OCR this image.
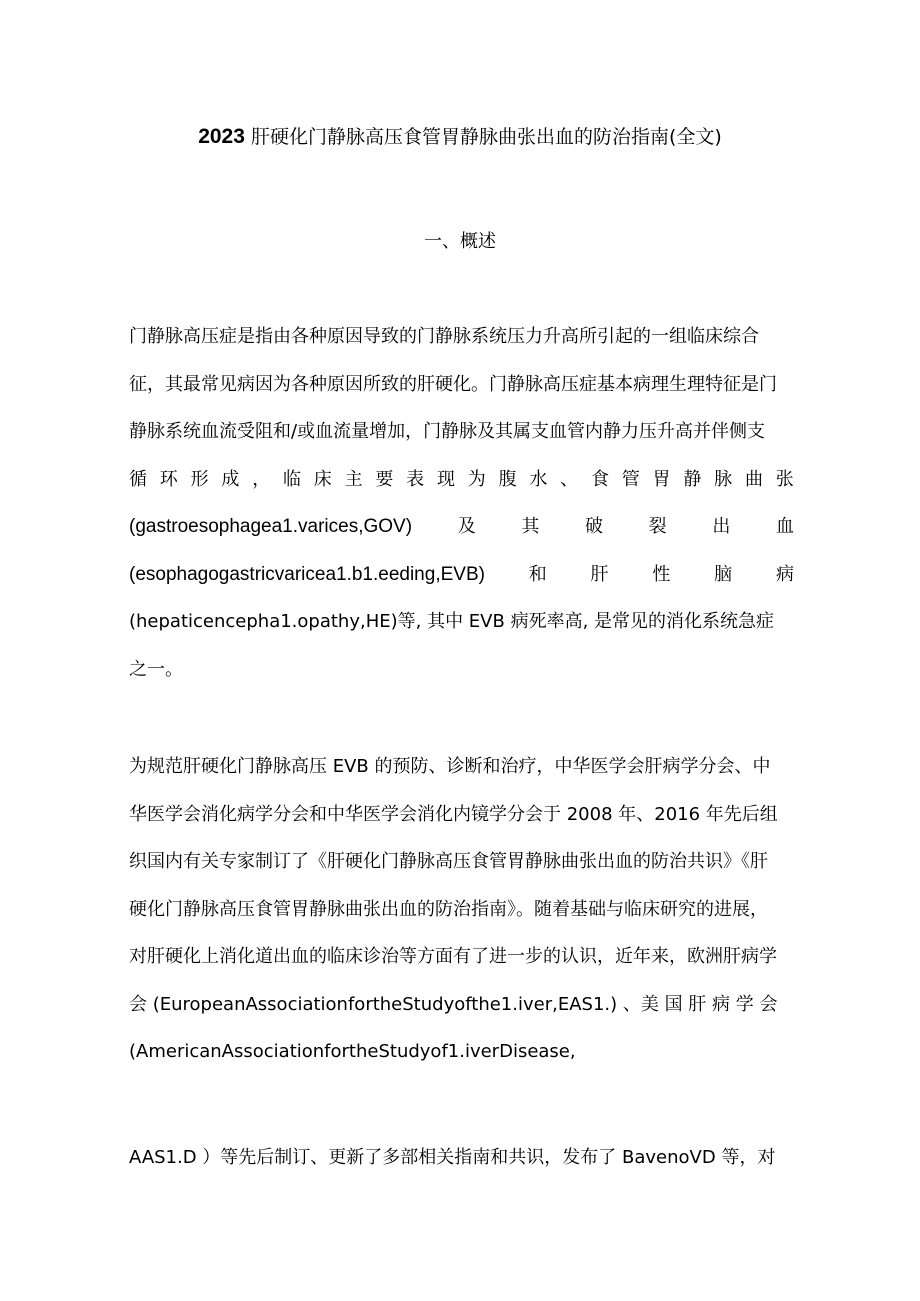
2023 肝硬化门静脉高压食管胃静脉曲张出血的防治指南(全文)
一、概述
门静脉高压症是指由各种原因导致的门静脉系统压力升高所引起的一组临床综合
征，其最常见病因为各种原因所致的肝硬化。门静脉高压症基本病理生理特征是门
静脉系统血流受阻和/或血流量增加，门静脉及其属支血管内静力压升高并伴侧支
循 环 形 成 ， 临 床 主 要 表 现 为 腹 水 、 食 管 胃 静 脉 曲 张
(gastroesophagea1.varices,GOV)	及	其	破	裂	出	血
(esophagogastricvaricea1.b1.eeding,EVB) 和 肝 性 脑 病
(hepaticencepha1.opathy,HE)等, 其中 EVB 病死率高, 是常见的消化系统急症
之一。
为规范肝硬化门静脉高压 EVB 的预防、诊断和治疗，中华医学会肝病学分会、中
华医学会消化病学分会和中华医学会消化内镜学分会于 2008 年、2016 年先后组
织国内有关专家制订了《肝硬化门静脉高压食管胃静脉曲张出血的防治共识》《肝
硬化门静脉高压食管胃静脉曲张出血的防治指南》。随着基础与临床研究的进展，
对肝硬化上消化道出血的临床诊治等方面有了进一步的认识，近年来，欧洲肝病学
会 (EuropeanAssociationfortheStudyofthe1.iver,EAS1.) 、美 国 肝 病 学 会
(AmericanAssociationfortheStudyof1.iverDisease,
AAS1.D ）等先后制订、更新了多部相关指南和共识，发布了 BavenoVD 等，对
